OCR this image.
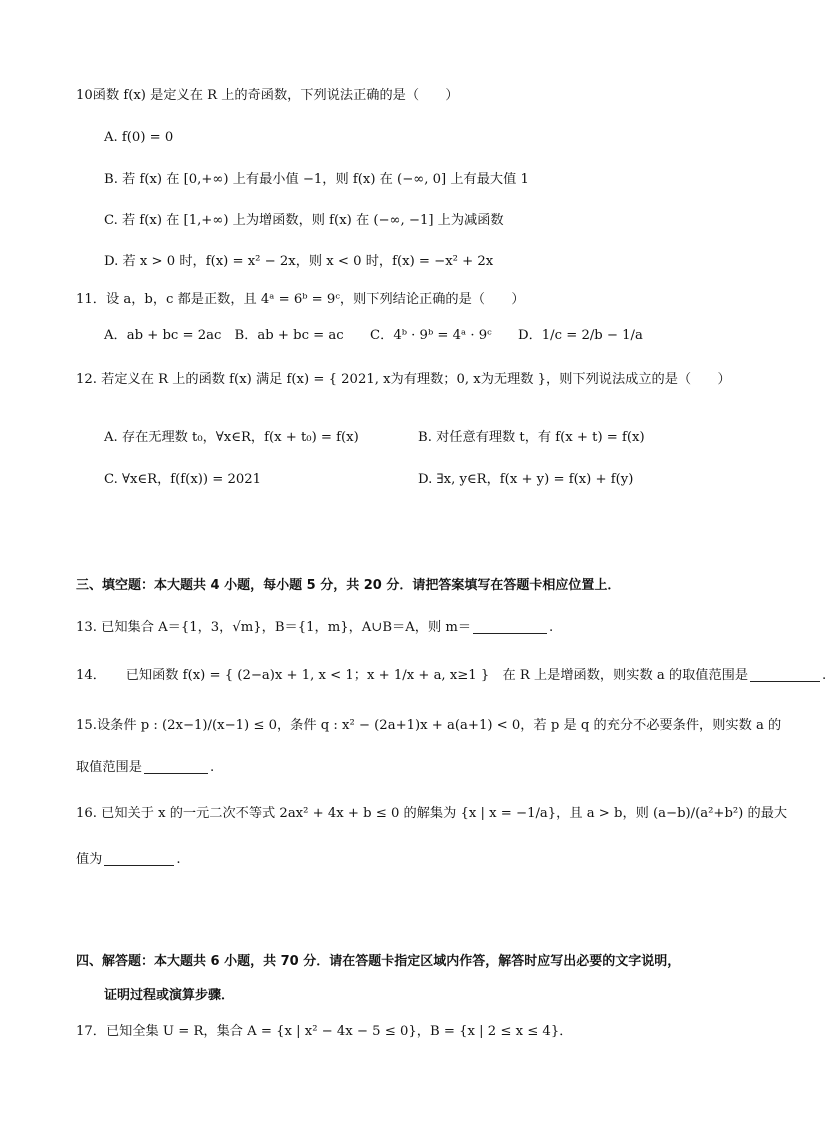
10函数 f(x) 是定义在 R 上的奇函数，下列说法正确的是（　　）
A. f(0) = 0
B. 若 f(x) 在 [0,+∞) 上有最小值 −1，则 f(x) 在 (−∞, 0] 上有最大值 1
C. 若 f(x) 在 [1,+∞) 上为增函数，则 f(x) 在 (−∞, −1] 上为减函数
D. 若 x > 0 时，f(x) = x² − 2x，则 x < 0 时，f(x) = −x² + 2x
11．设 a，b，c 都是正数，且 4ᵃ = 6ᵇ = 9ᶜ，则下列结论正确的是（　　）
A．ab + bc = 2ac　B．ab + bc = ac　　C．4ᵇ · 9ᵇ = 4ᵃ · 9ᶜ　　D．1/c = 2/b − 1/a
12. 若定义在 R 上的函数 f(x) 满足 f(x) = { 2021, x为有理数；0, x为无理数 }，则下列说法成立的是（　　）
A. 存在无理数 t₀，∀x∈R，f(x + t₀) = f(x)	B. 对任意有理数 t，有 f(x + t) = f(x)
C. ∀x∈R，f(f(x)) = 2021	D. ∃x, y∈R，f(x + y) = f(x) + f(y)
三、填空题：本大题共 4 小题，每小题 5 分，共 20 分．请把答案填写在答题卡相应位置上．
13. 已知集合 A＝{1，3，√m}，B＝{1，m}，A∪B＝A，则 m＝	.
14．　　已知函数 f(x) = { (2−a)x + 1, x < 1；x + 1/x + a, x≥1 }　在 R 上是增函数，则实数 a 的取值范围是	.
15.设条件 p : (2x−1)/(x−1) ≤ 0，条件 q : x² − (2a+1)x + a(a+1) < 0，若 p 是 q 的充分不必要条件，则实数 a 的
取值范围是	.
16. 已知关于 x 的一元二次不等式 2ax² + 4x + b ≤ 0 的解集为 {x | x = −1/a}，且 a > b，则 (a−b)/(a²+b²) 的最大
值为	.
四、解答题：本大题共 6 小题，共 70 分．请在答题卡指定区域内作答，解答时应写出必要的文字说明，
证明过程或演算步骤．
17．已知全集 U = R，集合 A = {x | x² − 4x − 5 ≤ 0}，B = {x | 2 ≤ x ≤ 4}．
